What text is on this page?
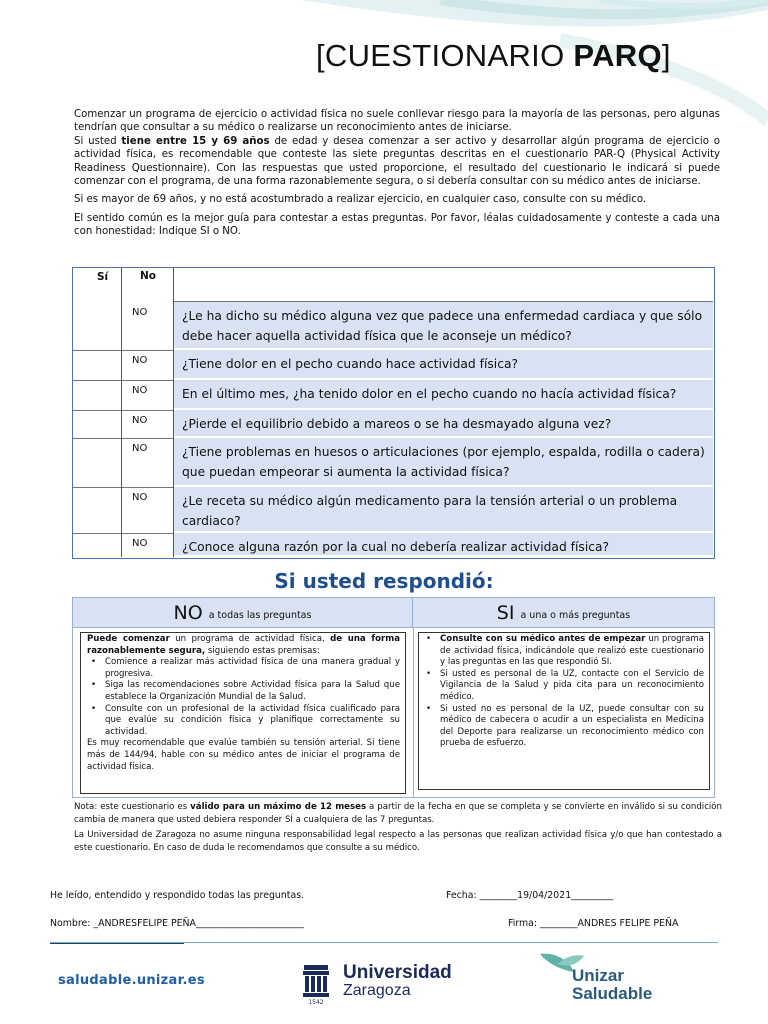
[CUESTIONARIO PARQ]

Comenzar un programa de ejercicio o actividad física no suele conllevar riesgo para la mayoría de las personas, pero algunas tendrían que consultar a su médico o realizarse un reconocimiento antes de iniciarse.

Si usted tiene entre 15 y 69 años de edad y desea comenzar a ser activo y desarrollar algún programa de ejercicio o actividad física, es recomendable que conteste las siete preguntas descritas en el cuestionario PAR-Q (Physical Activity Readiness Questionnaire). Con las respuestas que usted proporcione, el resultado del cuestionario le indicará si puede comenzar con el programa, de una forma razonablemente segura, o si debería consultar con su médico antes de iniciarse.

Si es mayor de 69 años, y no está acostumbrado a realizar ejercicio, en cualquier caso, consulte con su médico.

El sentido común es la mejor guía para contestar a estas preguntas. Por favor, léalas cuidadosamente y conteste a cada una con honestidad: Indique SI o NO.

Sí	No
NO	¿Le ha dicho su médico alguna vez que padece una enfermedad cardiaca y que sólo debe hacer aquella actividad física que le aconseje un médico?
NO	¿Tiene dolor en el pecho cuando hace actividad física?
NO	En el último mes, ¿ha tenido dolor en el pecho cuando no hacía actividad física?
NO	¿Pierde el equilibrio debido a mareos o se ha desmayado alguna vez?
NO	¿Tiene problemas en huesos o articulaciones (por ejemplo, espalda, rodilla o cadera) que puedan empeorar si aumenta la actividad física?
NO	¿Le receta su médico algún medicamento para la tensión arterial o un problema cardiaco?
NO	¿Conoce alguna razón por la cual no debería realizar actividad física?
Si usted respondió:
NO a todas las preguntas	SI a una o más preguntas

Puede comenzar un programa de actividad física, de una forma razonablemente segura, siguiendo estas premisas:

• Comience a realizar más actividad física de una manera gradual y progresiva.
• Siga las recomendaciones sobre Actividad física para la Salud que establece la Organización Mundial de la Salud.
• Consulte con un profesional de la actividad física cualificado para que evalúe su condición física y planifique correctamente su actividad.

Es muy recomendable que evalúe también su tensión arterial. Si tiene más de 144/94, hable con su médico antes de iniciar el programa de actividad física.

• Consulte con su médico antes de empezar un programa de actividad física, indicándole que realizó este cuestionario y las preguntas en las que respondió SI.
• Si usted es personal de la UZ, contacte con el Servicio de Vigilancia de la Salud y pida cita para un reconocimiento médico.
• Si usted no es personal de la UZ, puede consultar con su médico de cabecera o acudir a un especialista en Medicina del Deporte para realizarse un reconocimiento médico con prueba de esfuerzo.

Nota: este cuestionario es válido para un máximo de 12 meses a partir de la fecha en que se completa y se convierte en inválido si su condición cambia de manera que usted debiera responder SÍ a cualquiera de las 7 preguntas.

La Universidad de Zaragoza no asume ninguna responsabilidad legal respecto a las personas que realizan actividad física y/o que han contestado a este cuestionario. En caso de duda le recomendamos que consulte a su médico.

He leído, entendido y respondido todas las preguntas.	Fecha: ________19/04/2021_________
Nombre: _ANDRESFELIPE PEÑA_______________________	Firma: ________ANDRES FELIPE PEÑA
saludable.unizar.es
1542
Universidad
Zaragoza
Unizar
Saludable
